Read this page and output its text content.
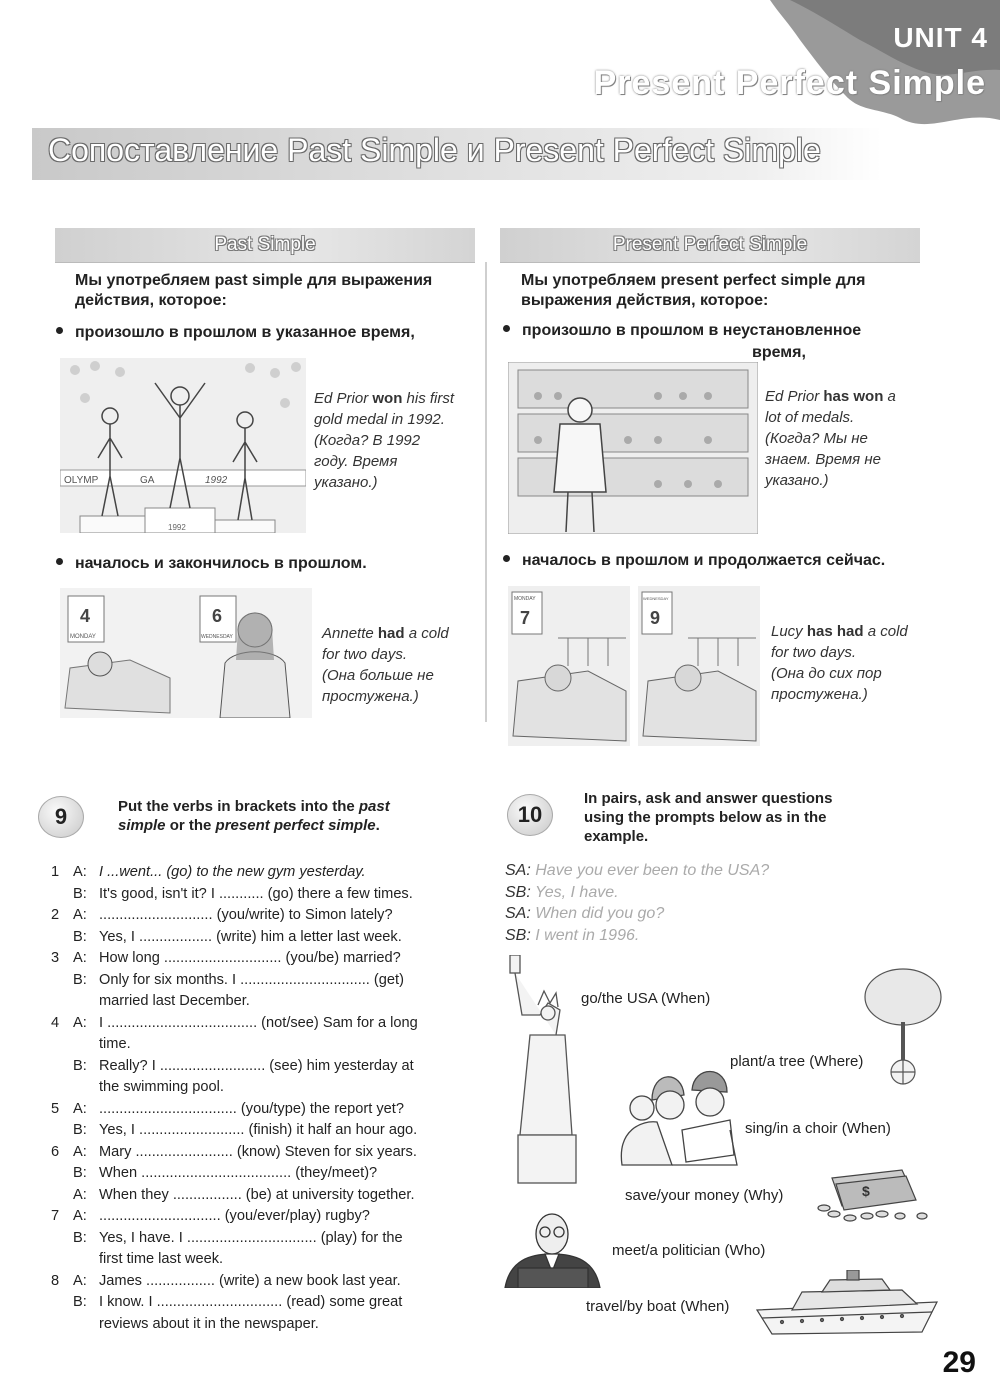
UNIT 4
Present Perfect Simple
Сопоставление Past Simple и Present Perfect Simple
Past Simple
Мы употребляем past simple для выражения
действия, которое:
произошло в прошлом в указанное время,
OLYMP	GA	1992
1992
Ed Prior won his first
gold medal in 1992.
(Когда? В 1992
году. Время
указано.)
началось и закончилось в прошлом.
4
MONDAY
6
WEDNESDAY	Annette had a cold
for two days.
(Она больше не
простужена.)
Present Perfect Simple
Мы употребляем present perfect simple для
выражения действия, которое:
произошло в прошлом в неустановленное
время,
Ed Prior has won a
lot of medals.
(Когда? Мы не
знаем. Время не
указано.)
началось в прошлом и продолжается сейчас.
MONDAY
7
WEDNESDAY
9
Lucy has had a cold
for two days.
(Она до сих пор
простужена.)
9	Put the verbs in brackets into the past
simple or the present perfect simple.
1 A: I ...went... (go) to the new gym yesterday.
B: It's good, isn't it? I ........... (go) there a few times.
2 A: ............................ (you/write) to Simon lately?
B: Yes, I .................. (write) him a letter last week.
3 A: How long ............................. (you/be) married?
B: Only for six months. I ................................ (get)
married last December.
4 A: I ..................................... (not/see) Sam for a long
time.
B: Really? I .......................... (see) him yesterday at
the swimming pool.
5 A: .................................. (you/type) the report yet?
B: Yes, I .......................... (finish) it half an hour ago.
6 A: Mary ........................ (know) Steven for six years.
B: When ..................................... (they/meet)?
A: When they ................. (be) at university together.
7 A: .............................. (you/ever/play) rugby?
B: Yes, I have. I ................................ (play) for the
first time last week.
8 A: James ................. (write) a new book last year.
B: I know. I ............................... (read) some great
reviews about it in the newspaper.
10
In pairs, ask and answer questions
using the prompts below as in the
example.
SA: Have you ever been to the USA?
SB: Yes, I have.
SA: When did you go?
SB: I went in 1996.
go/the USA (When)
plant/a tree (Where)
sing/in a choir (When)
$
save/your money (Why)
meet/a politician (Who)
travel/by boat (When)
29
